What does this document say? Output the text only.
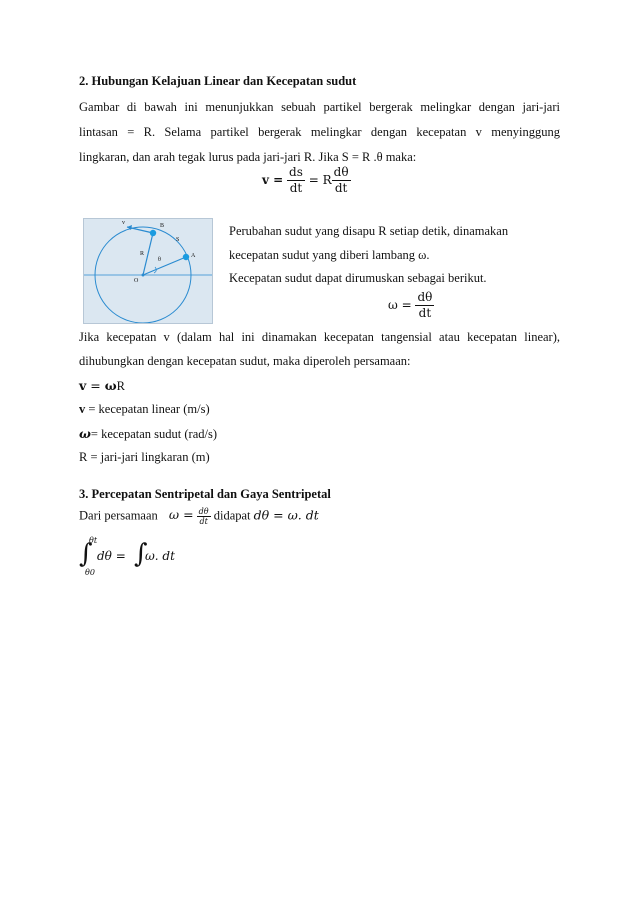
2. Hubungan Kelajuan Linear dan Kecepatan sudut
Gambar di bawah ini menunjukkan sebuah partikel bergerak melingkar dengan jari-jari
lintasan = R. Selama partikel bergerak melingkar dengan kecepatan v menyinggung
lingkaran, dan arah tegak lurus pada jari-jari R. Jika S = R .θ maka:
$v = \frac{ds}{dt} = R \frac{d\theta}{dt}$
v	B
S
R
θ
A
O
Perubahan sudut yang disapu R setiap detik, dinamakan
kecepatan sudut yang diberi lambang ω.
Kecepatan sudut dapat dirumuskan sebagai berikut.
$\omega = \frac{d\theta}{dt}$
Jika kecepatan v (dalam hal ini dinamakan kecepatan tangensial atau kecepatan linear),
dihubungkan dengan kecepatan sudut, maka diperoleh persamaan:
v = ωR
v = kecepatan linear (m/s)
ω= kecepatan sudut (rad/s)
R = jari-jari lingkaran (m)
3. Percepatan Sentripetal dan Gaya Sentripetal
Dari persamaan $\omega = \frac{d\theta}{dt}$ didapat dθ = ω. dt
∫
θt
θ0
dθ = ∫
ω. dt
